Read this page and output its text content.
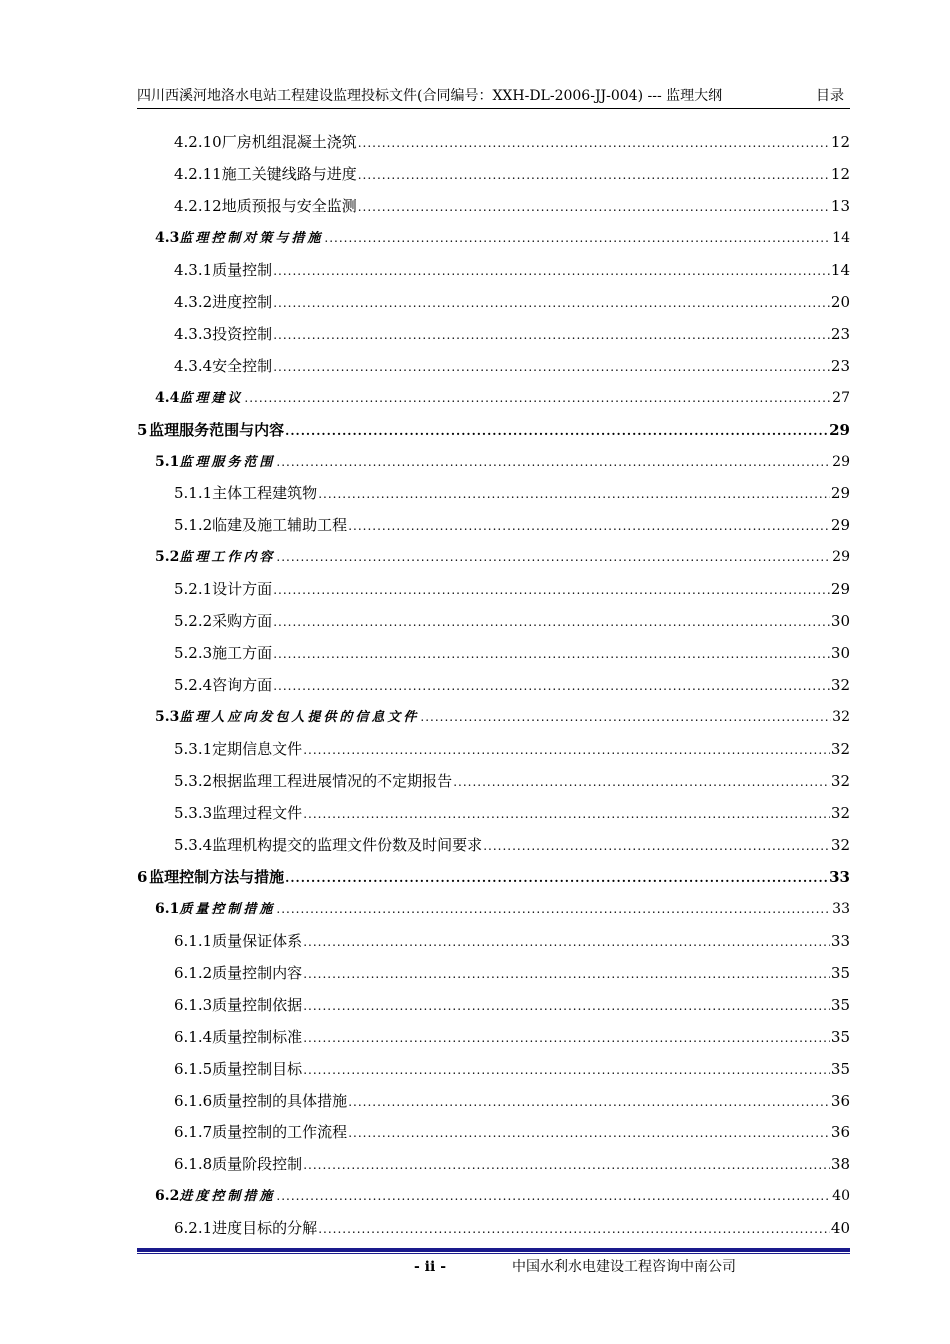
四川西溪河地洛水电站工程建设监理投标文件(合同编号：XXH-DL-2006-JJ-004) --- 监理大纲	目录
4.2.10 厂房机组混凝土浇筑 .....	12
4.2.11 施工关键线路与进度 .....	12
4.2.12 地质预报与安全监测 .....	13
4.3 监理控制对策与措施 .....	14
4.3.1 质量控制 .....	14
4.3.2 进度控制 .....	20
4.3.3 投资控制 .....	23
4.3.4 安全控制 .....	23
4.4 监理建议 .....	27
5 监理服务范围与内容 .....	29
5.1 监理服务范围 .....	29
5.1.1 主体工程建筑物 .....	29
5.1.2 临建及施工辅助工程 .....	29
5.2 监理工作内容 .....	29
5.2.1 设计方面 .....	29
5.2.2 采购方面 .....	30
5.2.3 施工方面 .....	30
5.2.4 咨询方面 .....	32
5.3 监理人应向发包人提供的信息文件 .....	32
5.3.1 定期信息文件 .....	32
5.3.2 根据监理工程进展情况的不定期报告 .....	32
5.3.3 监理过程文件 .....	32
5.3.4 监理机构提交的监理文件份数及时间要求 .....	32
6 监理控制方法与措施 .....	33
6.1 质量控制措施 .....	33
6.1.1 质量保证体系 .....	33
6.1.2 质量控制内容 .....	35
6.1.3 质量控制依据 .....	35
6.1.4 质量控制标准 .....	35
6.1.5 质量控制目标 .....	35
6.1.6 质量控制的具体措施 .....	36
6.1.7 质量控制的工作流程 .....	36
6.1.8 质量阶段控制 .....	38
6.2 进度控制措施 .....	40
6.2.1 进度目标的分解 .....	40
- ii -	中国水利水电建设工程咨询中南公司
